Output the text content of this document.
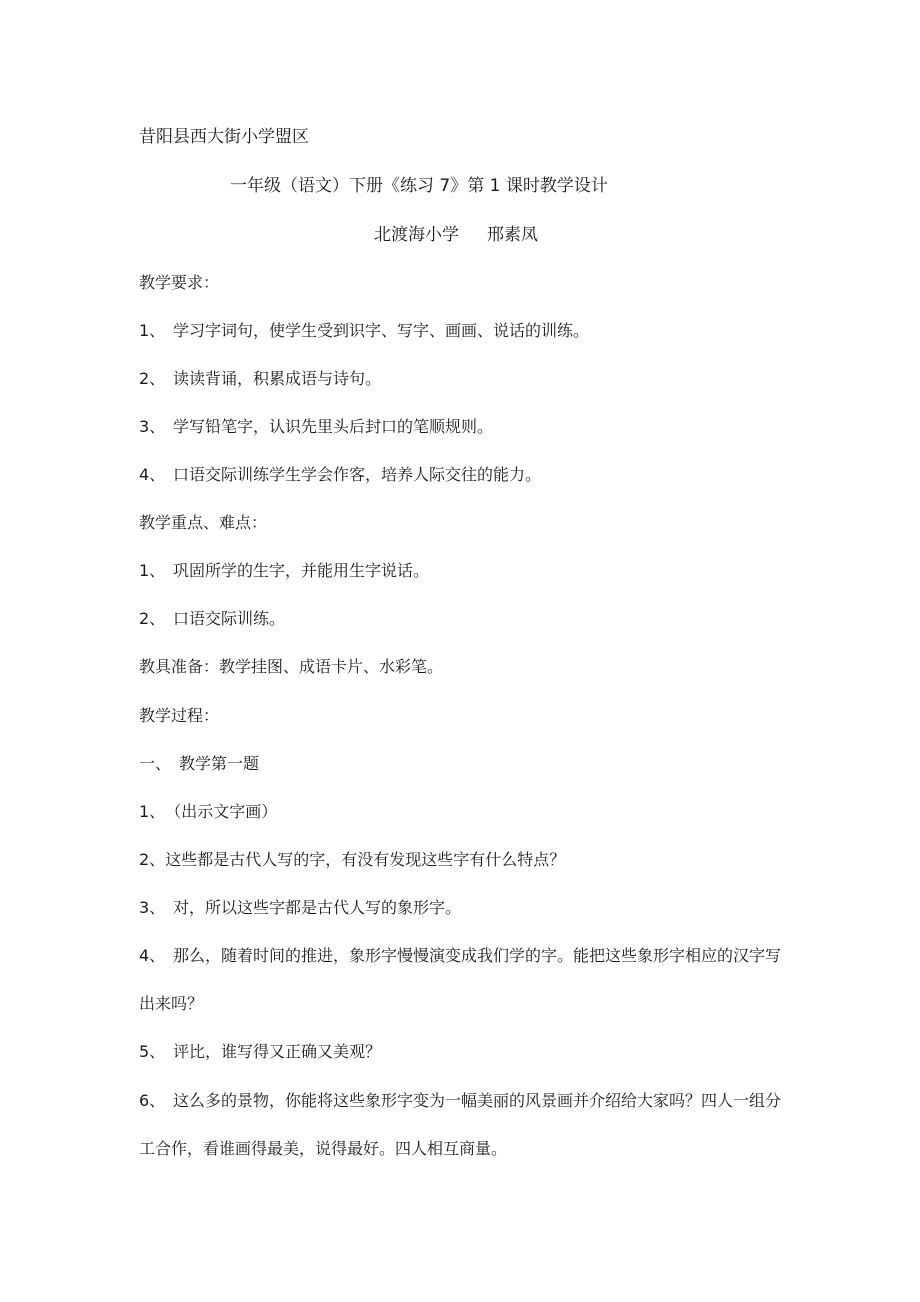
昔阳县西大街小学盟区
一年级（语文）下册《练习 7》第 1 课时教学设计
北渡海小学 邢素凤
教学要求：
1、 学习字词句，使学生受到识字、写字、画画、说话的训练。
2、 读读背诵，积累成语与诗句。
3、 学写铅笔字，认识先里头后封口的笔顺规则。
4、 口语交际训练学生学会作客，培养人际交往的能力。
教学重点、难点：
1、 巩固所学的生字，并能用生字说话。
2、 口语交际训练。
教具准备：教学挂图、成语卡片、水彩笔。
教学过程：
一、 教学第一题
1、（出示文字画）
2、这些都是古代人写的字，有没有发现这些字有什么特点？
3、 对，所以这些字都是古代人写的象形字。
4、 那么，随着时间的推进，象形字慢慢演变成我们学的字。能把这些象形字相应的汉字写
出来吗？
5、 评比，谁写得又正确又美观？
6、 这么多的景物，你能将这些象形字变为一幅美丽的风景画并介绍给大家吗？四人一组分
工合作，看谁画得最美，说得最好。四人相互商量。
